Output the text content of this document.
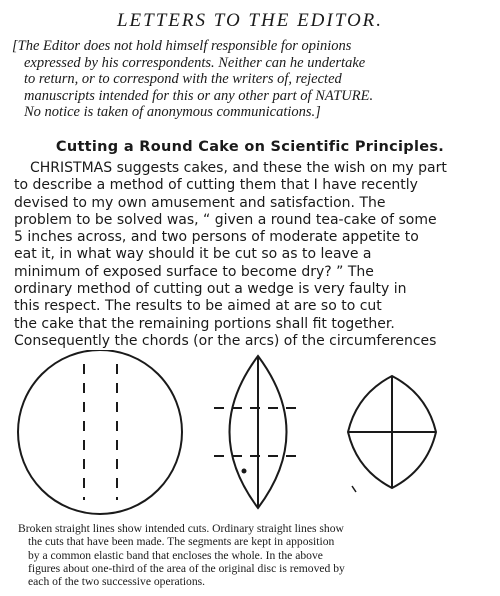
LETTERS TO THE EDITOR.
[The Editor does not hold himself responsible for opinions
expressed by his correspondents. Neither can he undertake
to return, or to correspond with the writers of, rejected
manuscripts intended for this or any other part of NATURE.
No notice is taken of anonymous communications.]
Cutting a Round Cake on Scientific Principles.
CHRISTMAS suggests cakes, and these the wish on my part
to describe a method of cutting them that I have recently
devised to my own amusement and satisfaction. The
problem to be solved was, “ given a round tea-cake of some
5 inches across, and two persons of moderate appetite to
eat it, in what way should it be cut so as to leave a
minimum of exposed surface to become dry? ” The
ordinary method of cutting out a wedge is very faulty in
this respect. The results to be aimed at are so to cut
the cake that the remaining portions shall fit together.
Consequently the chords (or the arcs) of the circumferences
Broken straight lines show intended cuts. Ordinary straight lines show
the cuts that have been made. The segments are kept in apposition
by a common elastic band that encloses the whole. In the above
figures about one-third of the area of the original disc is removed by
each of the two successive operations.
